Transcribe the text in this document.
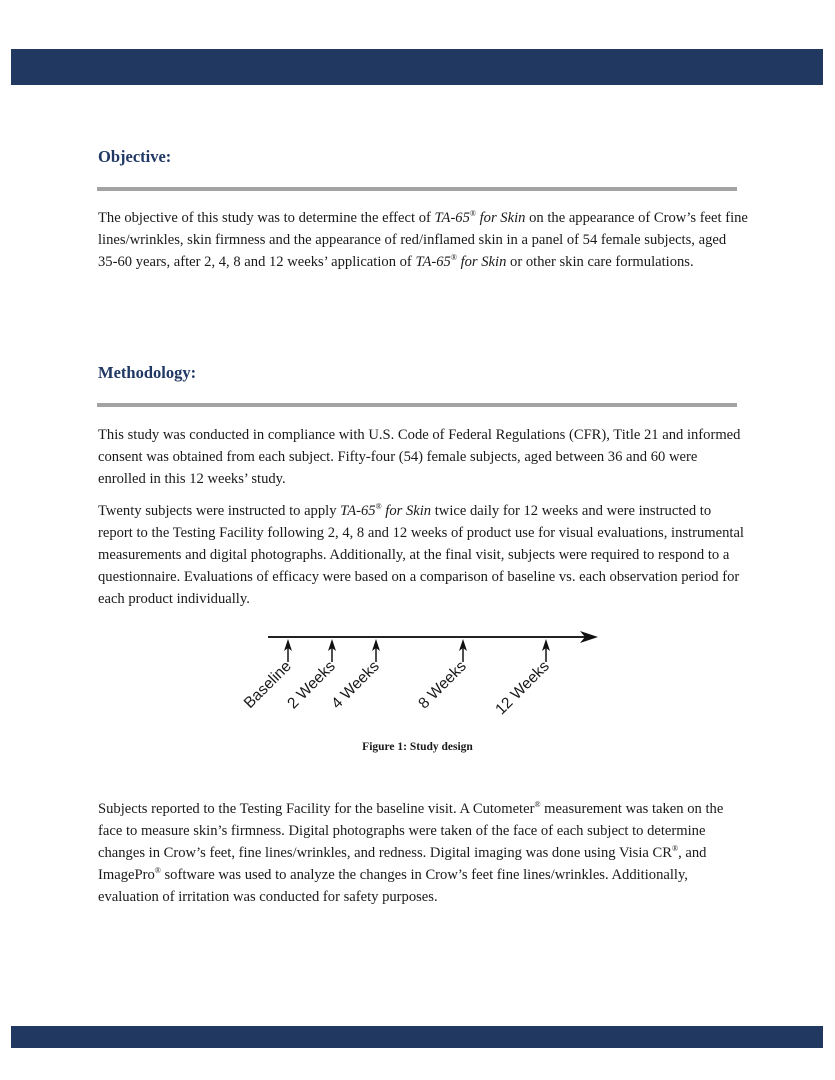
Objective:

The objective of this study was to determine the effect of TA-65® for Skin on the appearance of Crow’s feet fine lines/wrinkles, skin firmness and the appearance of red/inflamed skin in a panel of 54 female subjects, aged 35-60 years, after 2, 4, 8 and 12 weeks’ application of TA-65® for Skin or other skin care formulations.

Methodology:

This study was conducted in compliance with U.S. Code of Federal Regulations (CFR), Title 21 and informed consent was obtained from each subject. Fifty-four (54) female subjects, aged between 36 and 60 were enrolled in this 12 weeks’ study.

Twenty subjects were instructed to apply TA-65® for Skin twice daily for 12 weeks and were instructed to report to the Testing Facility following 2, 4, 8 and 12 weeks of product use for visual evaluations, instrumental measurements and digital photographs. Additionally, at the final visit, subjects were required to respond to a questionnaire. Evaluations of efficacy were based on a comparison of baseline vs. each observation period for each product individually.

Baseline
2 Weeks
4 Weeks 8 Weeks 12 Weeks

Figure 1: Study design

Subjects reported to the Testing Facility for the baseline visit. A Cutometer® measurement was taken on the face to measure skin’s firmness. Digital photographs were taken of the face of each subject to determine changes in Crow’s feet, fine lines/wrinkles, and redness. Digital imaging was done using Visia CR®, and ImagePro® software was used to analyze the changes in Crow’s feet fine lines/wrinkles. Additionally, evaluation of irritation was conducted for safety purposes.
